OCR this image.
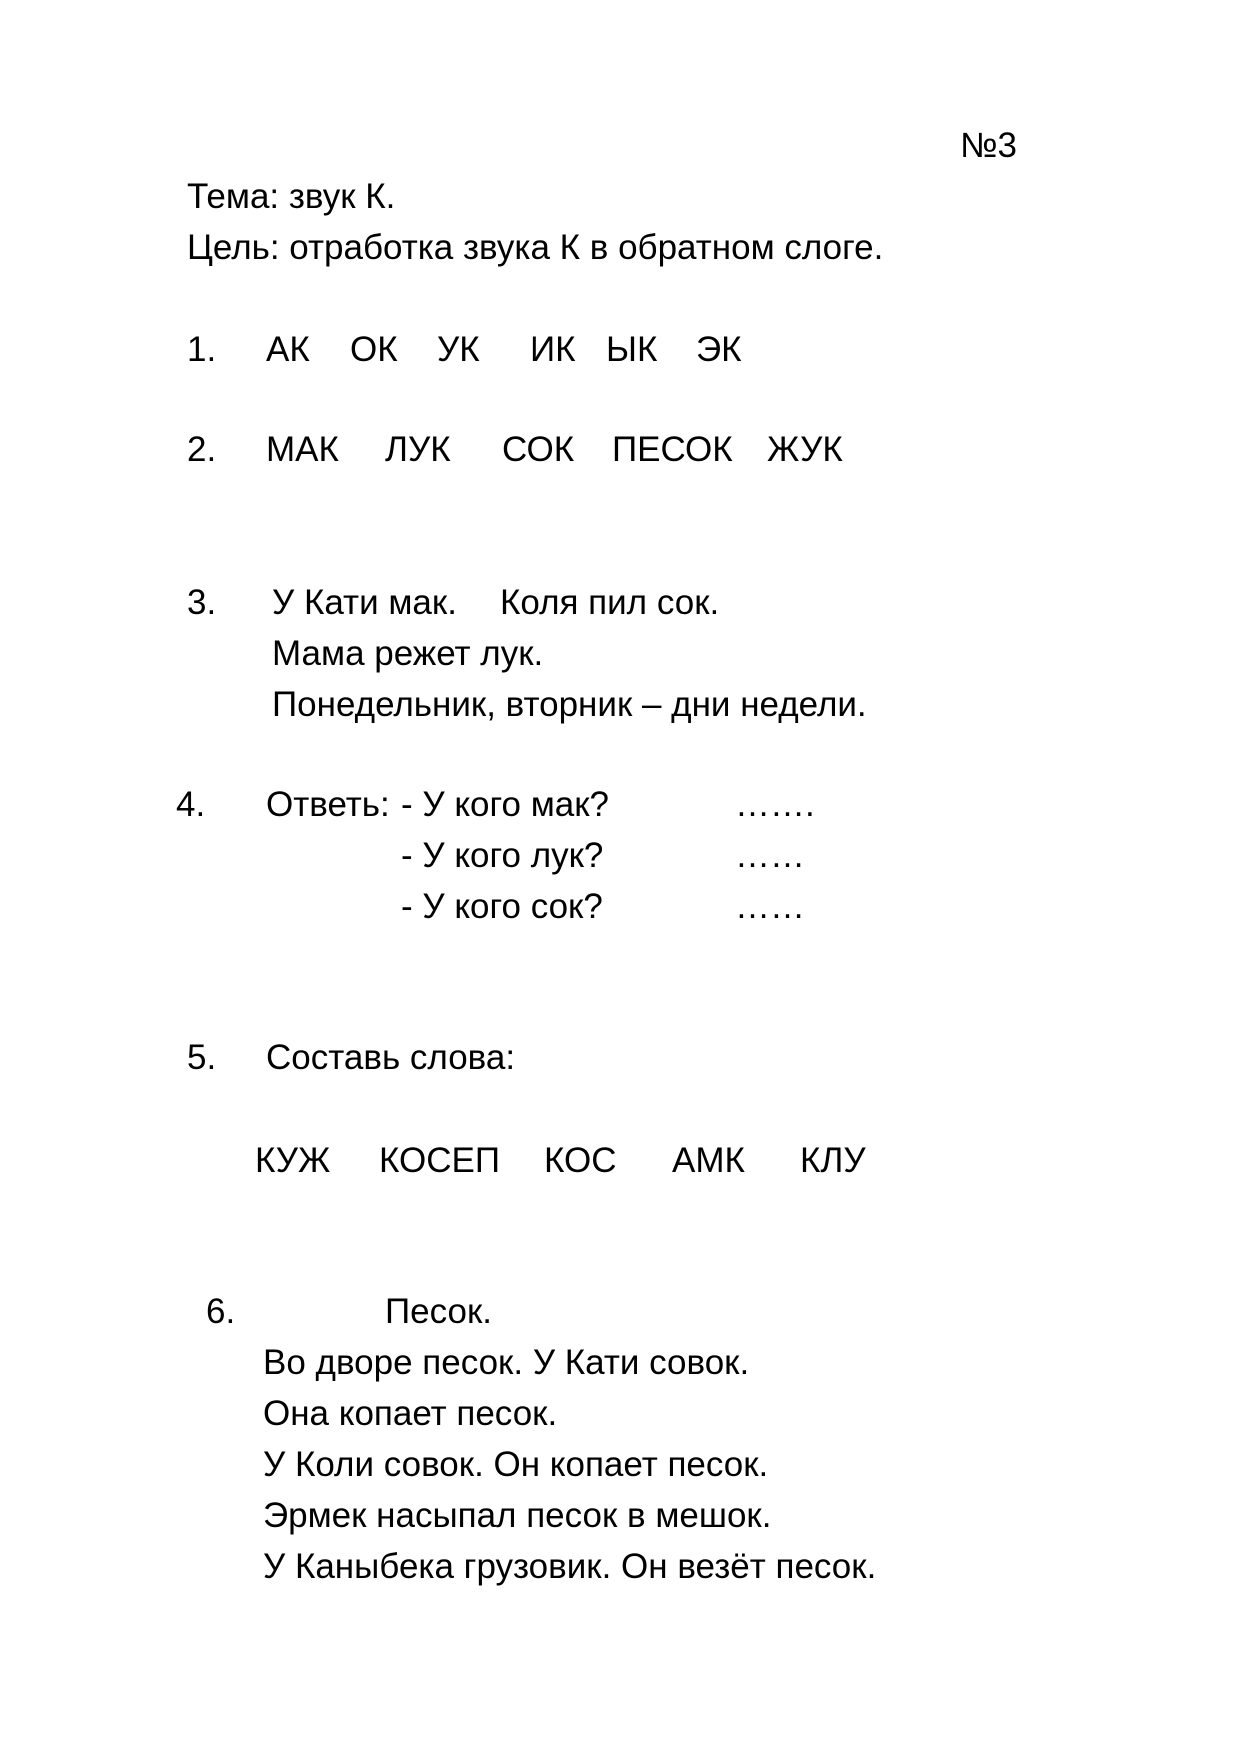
№3
Тема: звук К.
Цель: отработка звука К в обратном слоге.
1. АК ОК УК ИК ЫК ЭК
2. МАК ЛУК СОК ПЕСОК ЖУК
3. У Кати мак. Коля пил сок.
Мама режет лук.
Понедельник, вторник – дни недели.
4. Ответь: - У кого мак?	…….
- У кого лук?	……
- У кого сок?	……
5. Составь слова:
КУЖ КОСЕП КОС АМК КЛУ
6.	Песок.
Во дворе песок. У Кати совок.
Она копает песок.
У Коли совок. Он копает песок.
Эрмек насыпал песок в мешок.
У Каныбека грузовик. Он везёт песок.
